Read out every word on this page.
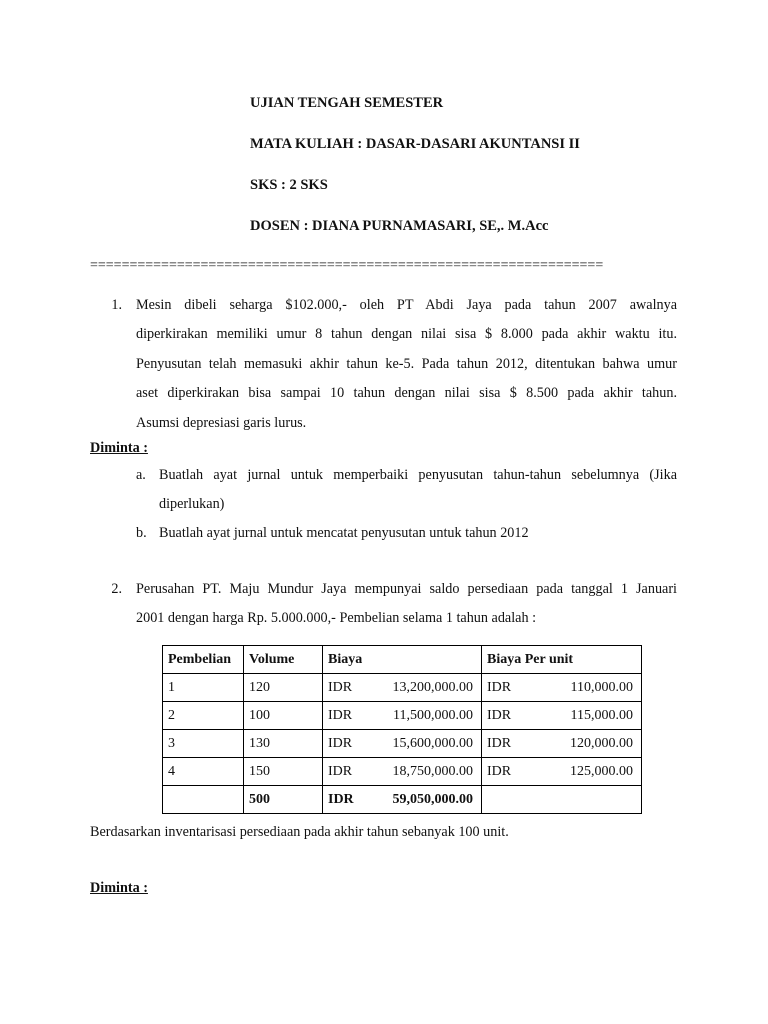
UJIAN TENGAH SEMESTER
MATA KULIAH : DASAR-DASARI AKUNTANSI II
SKS : 2 SKS
DOSEN : DIANA PURNAMASARI, SE,. M.Acc
=================================================================
1. Mesin dibeli seharga $102.000,- oleh PT Abdi Jaya pada tahun 2007 awalnya
diperkirakan memiliki umur 8 tahun dengan nilai sisa $ 8.000 pada akhir waktu itu.
Penyusutan telah memasuki akhir tahun ke-5. Pada tahun 2012, ditentukan bahwa umur
aset diperkirakan bisa sampai 10 tahun dengan nilai sisa $ 8.500 pada akhir tahun.
Asumsi depresiasi garis lurus.
Diminta :
a. Buatlah ayat jurnal untuk memperbaiki penyusutan tahun-tahun sebelumnya (Jika
diperlukan)
b. Buatlah ayat jurnal untuk mencatat penyusutan untuk tahun 2012
2. Perusahan PT. Maju Mundur Jaya mempunyai saldo persediaan pada tanggal 1 Januari
2001 dengan harga Rp. 5.000.000,- Pembelian selama 1 tahun adalah :
Pembelian	Volume	Biaya	Biaya Per unit
1	120	IDR 13,200,000.00	IDR 110,000.00
2	100	IDR 11,500,000.00	IDR 115,000.00
3	130	IDR 15,600,000.00	IDR 120,000.00
4	150	IDR 18,750,000.00	IDR 125,000.00
	500	IDR 59,050,000.00	
Berdasarkan inventarisasi persediaan pada akhir tahun sebanyak 100 unit.
Diminta :
